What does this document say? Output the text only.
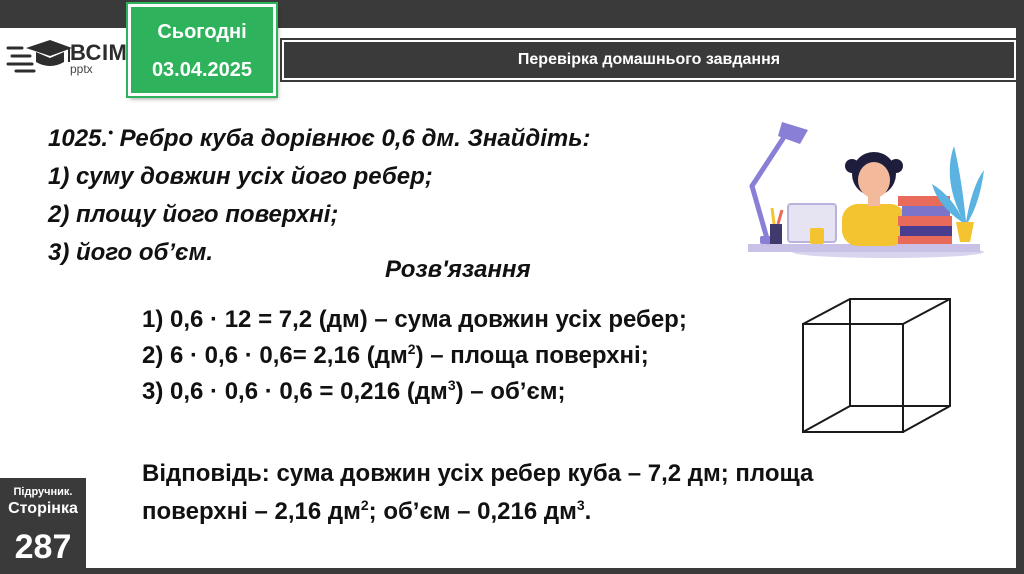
ВСІМ
pptx
Сьогодні
03.04.2025	Перевірка домашнього завдання
1025.• Ребро куба дорівнює 0,6 дм. Знайдіть:
1) суму довжин усіх його ребер;
2) площу його поверхні;
3) його об’єм.
Розв'язання
1) 0,6 · 12 = 7,2 (дм) – сума довжин усіх ребер;
2) 6 · 0,6 · 0,6= 2,16 $(дм^2)$ – площа поверхні;
3) 0,6 · 0,6 · 0,6 = 0,216 $(дм^3)$ – об’єм;
Відповідь: сума довжин усіх ребер куба – 7,2 дм; площа
поверхні – 2,16 $дм^2$; об’єм – 0,216 $дм^3$.
Підручник.
Сторінка
287
